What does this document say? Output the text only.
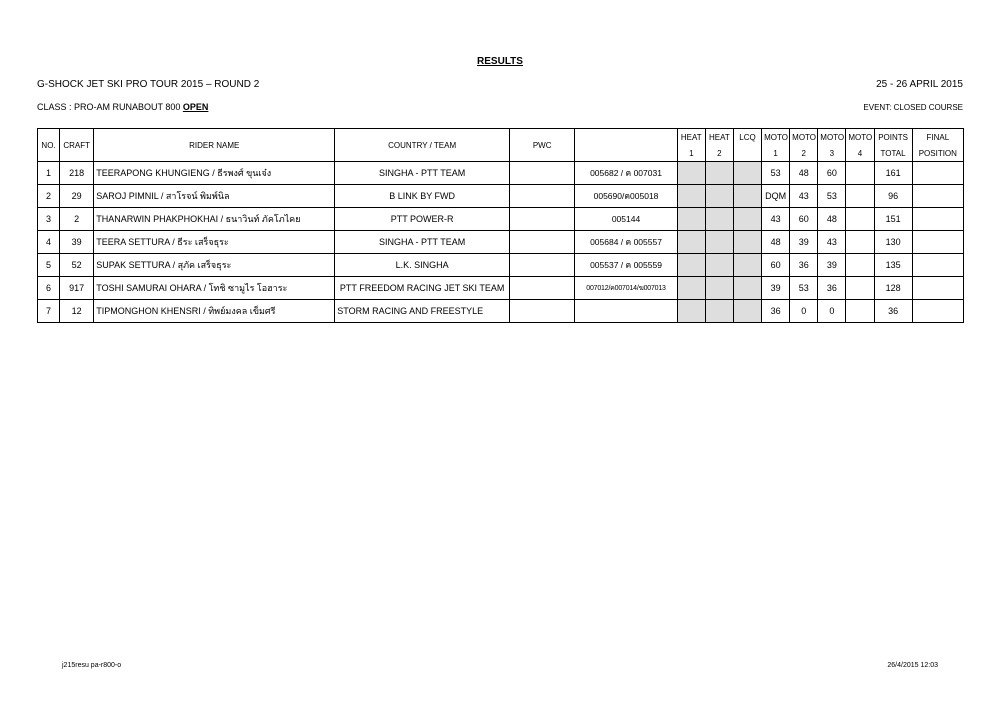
RESULTS
G-SHOCK JET SKI PRO TOUR 2015 – ROUND 2	25 - 26 APRIL 2015
CLASS : PRO-AM RUNABOUT 800 OPEN	EVENT: CLOSED COURSE
NO.	CRAFT	RIDER NAME	COUNTRY / TEAM	PWC		HEAT	HEAT	LCQ	MOTO	MOTO	MOTO	MOTO	POINTS	FINAL
						1	2		1	2	3	4	TOTAL	POSITION
1	218	TEERAPONG KHUNGIENG / ธีรพงศ์ ขุนเจ๋ง	SINGHA - PTT TEAM		005682 / ค 007031				53	48	60		161	
2	29	SAROJ PIMNIL / สาโรจน์ พิมพ์นิล	B LINK BY FWD		005690/ค005018				DQM	43	53		96	
3	2	THANARWIN PHAKPHOKHAI / ธนาวินท์ ภัคโภไคย	PTT POWER-R		005144				43	60	48		151	
4	39	TEERA SETTURA / ธีระ เสร็จธุระ	SINGHA - PTT TEAM		005684 / ค 005557				48	39	43		130	
5	52	SUPAK SETTURA / สุภัค เสร็จธุระ	L.K. SINGHA		005537 / ค 005559				60	36	39		135	
6	917	TOSHI SAMURAI OHARA / โทชิ ซามูไร โอฮาระ	PTT FREEDOM RACING JET SKI TEAM		007012/ค007014/ฆ007013				39	53	36		128	
7	12	TIPMONGHON KHENSRI / ทิพย์มงคล เข็มศรี	STORM RACING AND FREESTYLE						36	0	0		36	
j215resu pa-r800-o	26/4/2015 12:03
